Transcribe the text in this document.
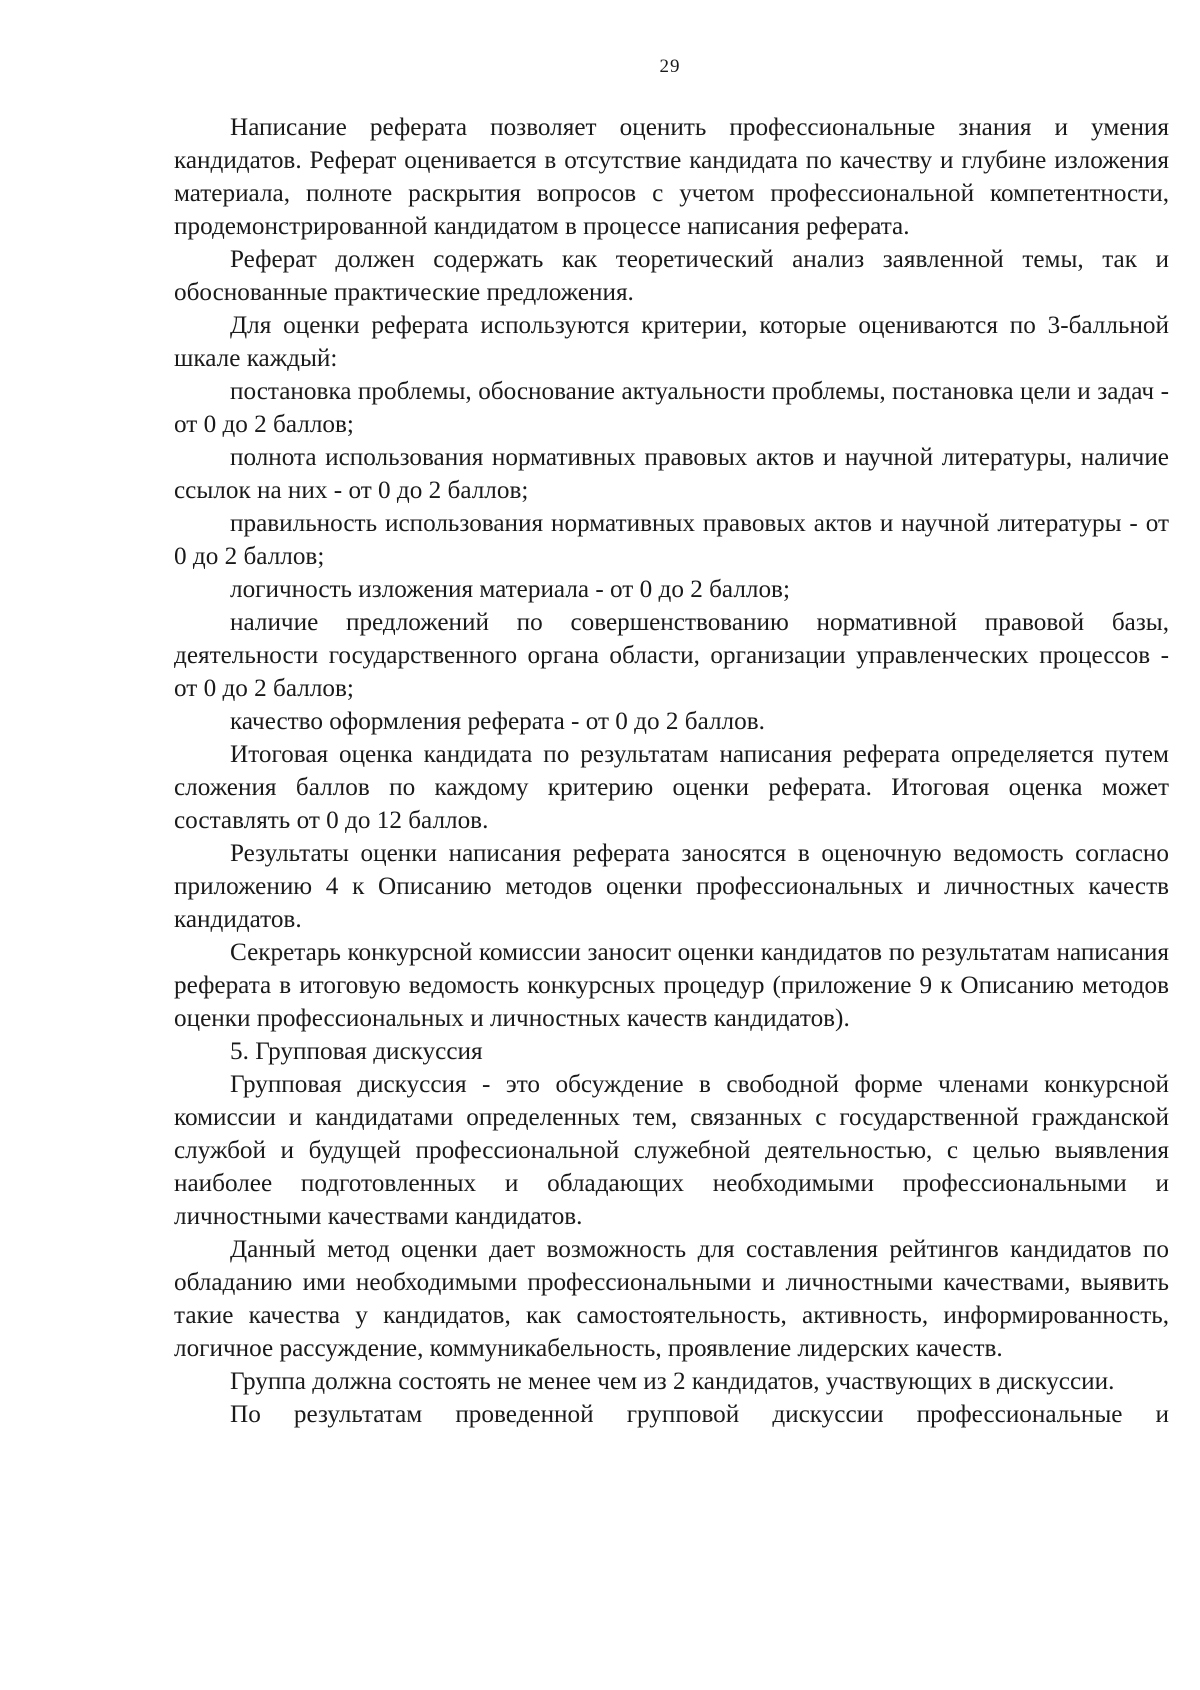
29

Написание реферата позволяет оценить профессиональные знания и умения кандидатов. Реферат оценивается в отсутствие кандидата по качеству и глубине изложения материала, полноте раскрытия вопросов с учетом профессиональной компетентности, продемонстрированной кандидатом в процессе написания реферата.

Реферат должен содержать как теоретический анализ заявленной темы, так и обоснованные практические предложения.

Для оценки реферата используются критерии, которые оцениваются по 3-балльной шкале каждый:

постановка проблемы, обоснование актуальности проблемы, постановка цели и задач - от 0 до 2 баллов;

полнота использования нормативных правовых актов и научной литературы, наличие ссылок на них - от 0 до 2 баллов;

правильность использования нормативных правовых актов и научной литературы - от 0 до 2 баллов;

логичность изложения материала - от 0 до 2 баллов;

наличие предложений по совершенствованию нормативной правовой базы, деятельности государственного органа области, организации управленческих процессов - от 0 до 2 баллов;

качество оформления реферата - от 0 до 2 баллов.

Итоговая оценка кандидата по результатам написания реферата определяется путем сложения баллов по каждому критерию оценки реферата. Итоговая оценка может составлять от 0 до 12 баллов.

Результаты оценки написания реферата заносятся в оценочную ведомость согласно приложению 4 к Описанию методов оценки профессиональных и личностных качеств кандидатов.

Секретарь конкурсной комиссии заносит оценки кандидатов по результатам написания реферата в итоговую ведомость конкурсных процедур (приложение 9 к Описанию методов оценки профессиональных и личностных качеств кандидатов).

5. Групповая дискуссия

Групповая дискуссия - это обсуждение в свободной форме членами конкурсной комиссии и кандидатами определенных тем, связанных с государственной гражданской службой и будущей профессиональной служебной деятельностью, с целью выявления наиболее подготовленных и обладающих необходимыми профессиональными и личностными качествами кандидатов.

Данный метод оценки дает возможность для составления рейтингов кандидатов по обладанию ими необходимыми профессиональными и личностными качествами, выявить такие качества у кандидатов, как самостоятельность, активность, информированность, логичное рассуждение, коммуникабельность, проявление лидерских качеств.

Группа должна состоять не менее чем из 2 кандидатов, участвующих в дискуссии.

По результатам проведенной групповой дискуссии профессиональные и
